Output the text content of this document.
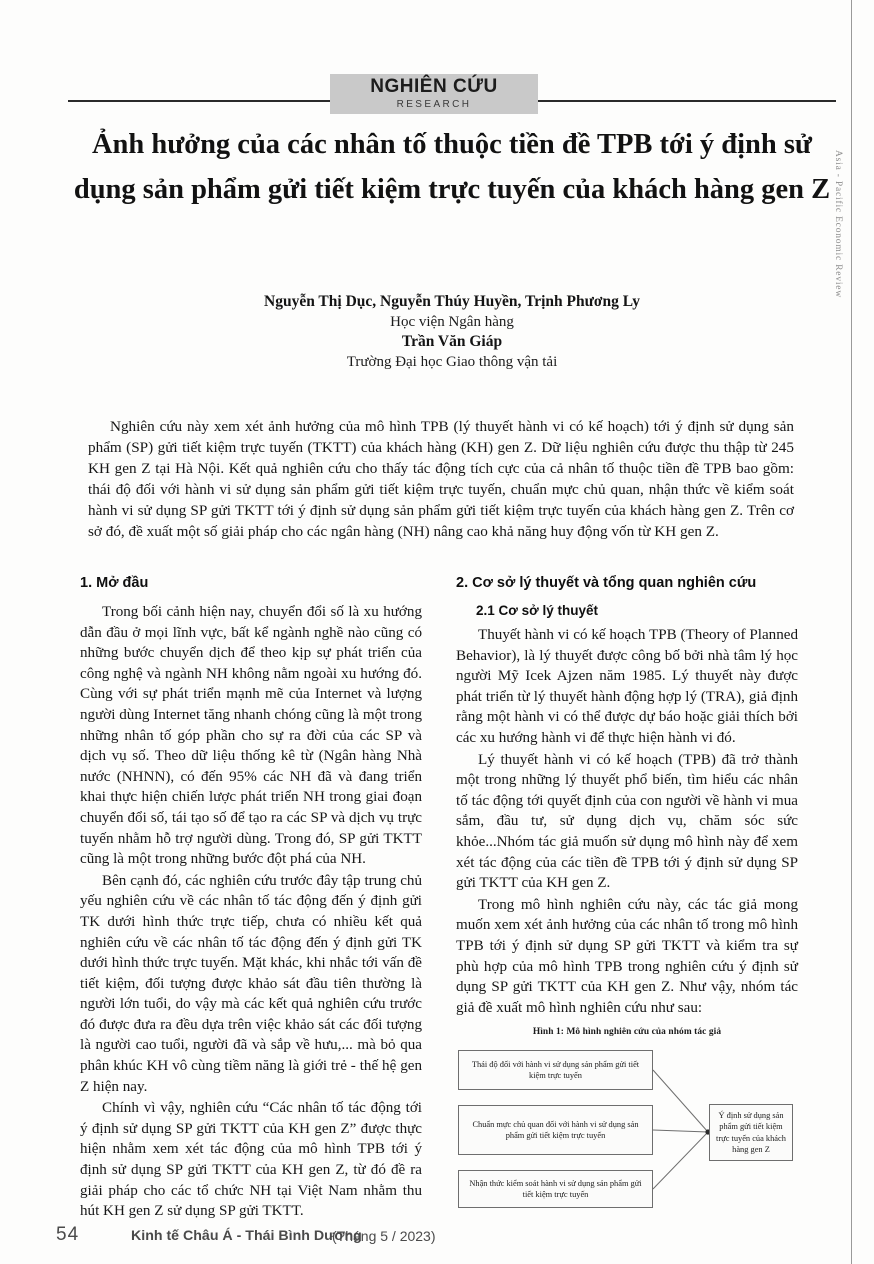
Asia - Pacific Economic Review
NGHIÊN CỨU
RESEARCH
Ảnh hưởng của các nhân tố thuộc tiền đề TPB tới ý định sử dụng sản phẩm gửi tiết kiệm trực tuyến của khách hàng gen Z
Nguyễn Thị Dục, Nguyễn Thúy Huyền, Trịnh Phương Ly
Học viện Ngân hàng
Trần Văn Giáp
Trường Đại học Giao thông vận tải
Nghiên cứu này xem xét ảnh hưởng của mô hình TPB (lý thuyết hành vi có kế hoạch) tới ý định sử dụng sản phẩm (SP) gửi tiết kiệm trực tuyến (TKTT) của khách hàng (KH) gen Z. Dữ liệu nghiên cứu được thu thập từ 245 KH gen Z tại Hà Nội. Kết quả nghiên cứu cho thấy tác động tích cực của cả nhân tố thuộc tiền đề TPB bao gồm: thái độ đối với hành vi sử dụng sản phẩm gửi tiết kiệm trực tuyến, chuẩn mực chủ quan, nhận thức về kiểm soát hành vi sử dụng SP gửi TKTT tới ý định sử dụng sản phẩm gửi tiết kiệm trực tuyến của khách hàng gen Z. Trên cơ sở đó, đề xuất một số giải pháp cho các ngân hàng (NH) nâng cao khả năng huy động vốn từ KH gen Z.
1. Mở đầu

Trong bối cảnh hiện nay, chuyển đổi số là xu hướng dẫn đầu ở mọi lĩnh vực, bất kể ngành nghề nào cũng có những bước chuyển dịch để theo kịp sự phát triển của công nghệ và ngành NH không nằm ngoài xu hướng đó. Cùng với sự phát triển mạnh mẽ của Internet và lượng người dùng Internet tăng nhanh chóng cũng là một trong những nhân tố góp phần cho sự ra đời của các SP và dịch vụ số. Theo dữ liệu thống kê từ (Ngân hàng Nhà nước (NHNN), có đến 95% các NH đã và đang triển khai thực hiện chiến lược phát triển NH trong giai đoạn chuyển đổi số, tái tạo số để tạo ra các SP và dịch vụ trực tuyến nhằm hỗ trợ người dùng. Trong đó, SP gửi TKTT cũng là một trong những bước đột phá của NH.

Bên cạnh đó, các nghiên cứu trước đây tập trung chủ yếu nghiên cứu về các nhân tố tác động đến ý định gửi TK dưới hình thức trực tiếp, chưa có nhiều kết quả nghiên cứu về các nhân tố tác động đến ý định gửi TK dưới hình thức trực tuyến. Mặt khác, khi nhắc tới vấn đề tiết kiệm, đối tượng được khảo sát đầu tiên thường là người lớn tuổi, do vậy mà các kết quả nghiên cứu trước đó được đưa ra đều dựa trên việc khảo sát các đối tượng là người cao tuổi, người đã và sắp về hưu,... mà bỏ qua phân khúc KH vô cùng tiềm năng là giới trẻ - thế hệ gen Z hiện nay.

Chính vì vậy, nghiên cứu “Các nhân tố tác động tới ý định sử dụng SP gửi TKTT của KH gen Z” được thực hiện nhằm xem xét tác động của mô hình TPB tới ý định sử dụng SP gửi TKTT của KH gen Z, từ đó đề ra giải pháp cho các tổ chức NH tại Việt Nam nhằm thu hút KH gen Z sử dụng SP gửi TKTT.

2. Cơ sở lý thuyết và tổng quan nghiên cứu
2.1 Cơ sở lý thuyết

Thuyết hành vi có kế hoạch TPB (Theory of Planned Behavior), là lý thuyết được công bố bởi nhà tâm lý học người Mỹ Icek Ajzen năm 1985. Lý thuyết này được phát triển từ lý thuyết hành động hợp lý (TRA), giả định rằng một hành vi có thể được dự báo hoặc giải thích bởi các xu hướng hành vi để thực hiện hành vi đó.

Lý thuyết hành vi có kế hoạch (TPB) đã trở thành một trong những lý thuyết phổ biến, tìm hiểu các nhân tố tác động tới quyết định của con người về hành vi mua sắm, đầu tư, sử dụng dịch vụ, chăm sóc sức khỏe...Nhóm tác giả muốn sử dụng mô hình này để xem xét tác động của các tiền đề TPB tới ý định sử dụng SP gửi TKTT của KH gen Z.

Trong mô hình nghiên cứu này, các tác giả mong muốn xem xét ảnh hưởng của các nhân tố trong mô hình TPB tới ý định sử dụng SP gửi TKTT và kiểm tra sự phù hợp của mô hình TPB trong nghiên cứu ý định sử dụng SP gửi TKTT của KH gen Z. Như vậy, nhóm tác giả đề xuất mô hình nghiên cứu như sau:

Hình 1: Mô hình nghiên cứu của nhóm tác giả
Thái độ đối với hành vi sử dụng sản phẩm gửi tiết kiệm trực tuyến
Chuẩn mực chủ quan đối với hành vi sử dụng sản phẩm gửi tiết kiệm trực tuyến
Nhận thức kiểm soát hành vi sử dụng sản phẩm gửi tiết kiệm trực tuyến
Ý định sử dụng sản phẩm gửi tiết kiệm trực tuyến của khách hàng gen Z
54	Kinh tế Châu Á - Thái Bình Dương
(Tháng 5 / 2023)
